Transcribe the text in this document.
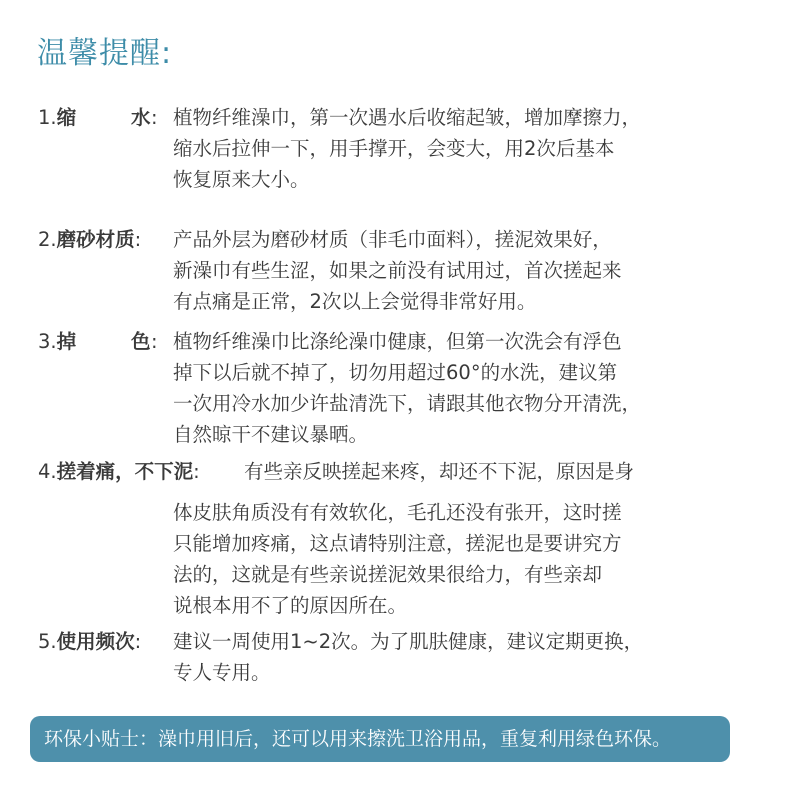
温馨提醒:
1.缩	水 : 植物纤维澡巾，第一次遇水后收缩起皱，增加摩擦力，
缩水后拉伸一下，用手撑开，会变大，用2次后基本
恢复原来大小。
2.磨砂材质: 产品外层为磨砂材质（非毛巾面料），搓泥效果好，
新澡巾有些生涩，如果之前没有试用过，首次搓起来
有点痛是正常，2次以上会觉得非常好用。
3.掉	色 : 植物纤维澡巾比涤纶澡巾健康，但第一次洗会有浮色
掉下以后就不掉了，切勿用超过60°的水洗，建议第
一次用冷水加少许盐清洗下，请跟其他衣物分开清洗，
自然晾干不建议暴晒。
4.搓着痛，不下泥: 有些亲反映搓起来疼，却还不下泥，原因是身
体皮肤角质没有有效软化，毛孔还没有张开，这时搓
只能增加疼痛，这点请特别注意，搓泥也是要讲究方
法的，这就是有些亲说搓泥效果很给力，有些亲却
说根本用不了的原因所在。
5.使用频次: 建议一周使用1~2次。为了肌肤健康，建议定期更换，
专人专用。
环保小贴士：澡巾用旧后，还可以用来擦洗卫浴用品，重复利用绿色环保。
